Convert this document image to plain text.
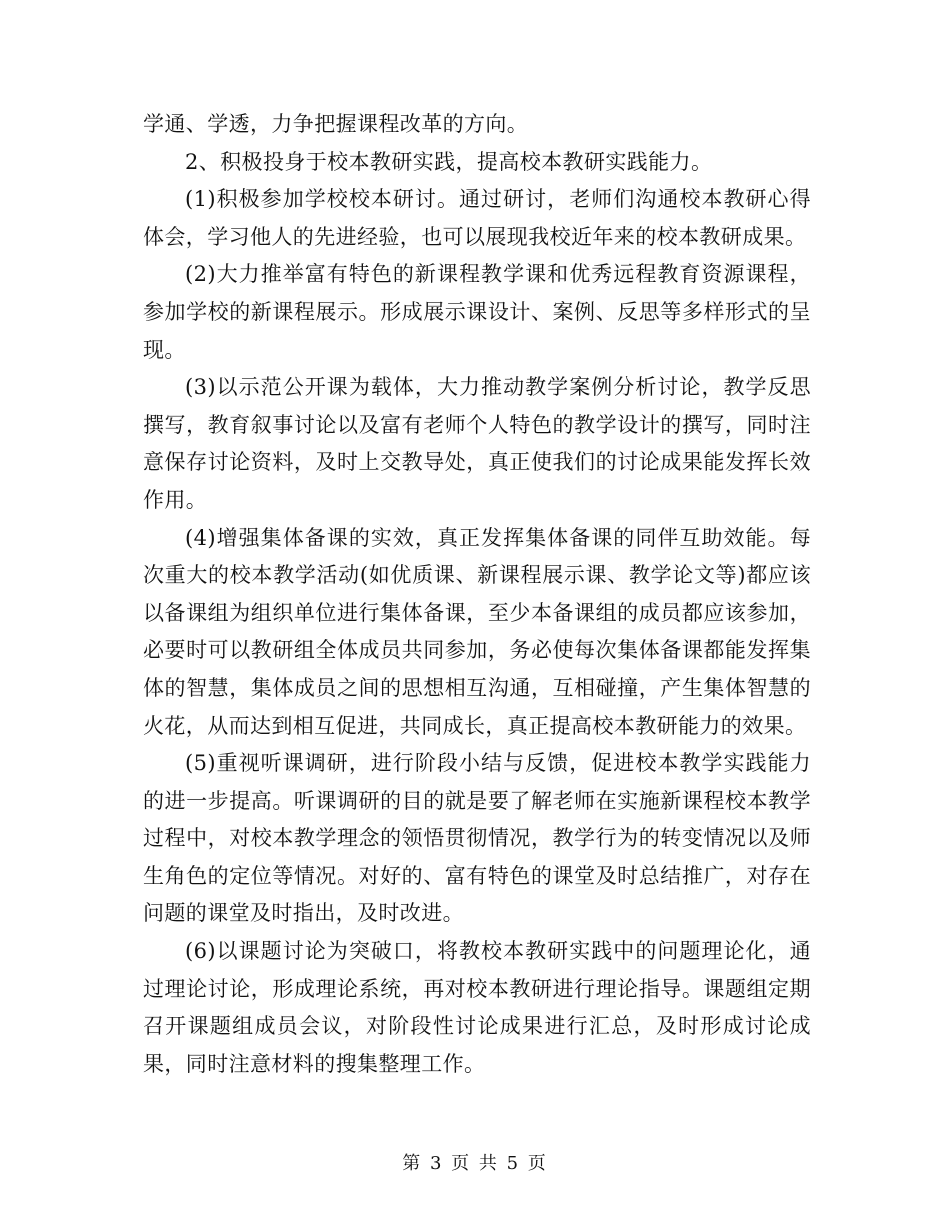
学通、学透，力争把握课程改革的方向。

2、积极投身于校本教研实践，提高校本教研实践能力。

(1)积极参加学校校本研讨。通过研讨，老师们沟通校本教研心得体会，学习他人的先进经验，也可以展现我校近年来的校本教研成果。

(2)大力推举富有特色的新课程教学课和优秀远程教育资源课程，参加学校的新课程展示。形成展示课设计、案例、反思等多样形式的呈现。

(3)以示范公开课为载体，大力推动教学案例分析讨论，教学反思撰写，教育叙事讨论以及富有老师个人特色的教学设计的撰写，同时注意保存讨论资料，及时上交教导处，真正使我们的讨论成果能发挥长效作用。

(4)增强集体备课的实效，真正发挥集体备课的同伴互助效能。每次重大的校本教学活动(如优质课、新课程展示课、教学论文等)都应该以备课组为组织单位进行集体备课，至少本备课组的成员都应该参加，必要时可以教研组全体成员共同参加，务必使每次集体备课都能发挥集体的智慧，集体成员之间的思想相互沟通，互相碰撞，产生集体智慧的火花，从而达到相互促进，共同成长，真正提高校本教研能力的效果。

(5)重视听课调研，进行阶段小结与反馈，促进校本教学实践能力的进一步提高。听课调研的目的就是要了解老师在实施新课程校本教学过程中，对校本教学理念的领悟贯彻情况，教学行为的转变情况以及师生角色的定位等情况。对好的、富有特色的课堂及时总结推广，对存在问题的课堂及时指出，及时改进。

(6)以课题讨论为突破口，将教校本教研实践中的问题理论化，通过理论讨论，形成理论系统，再对校本教研进行理论指导。课题组定期召开课题组成员会议，对阶段性讨论成果进行汇总，及时形成讨论成果，同时注意材料的搜集整理工作。

第 3 页 共 5 页
